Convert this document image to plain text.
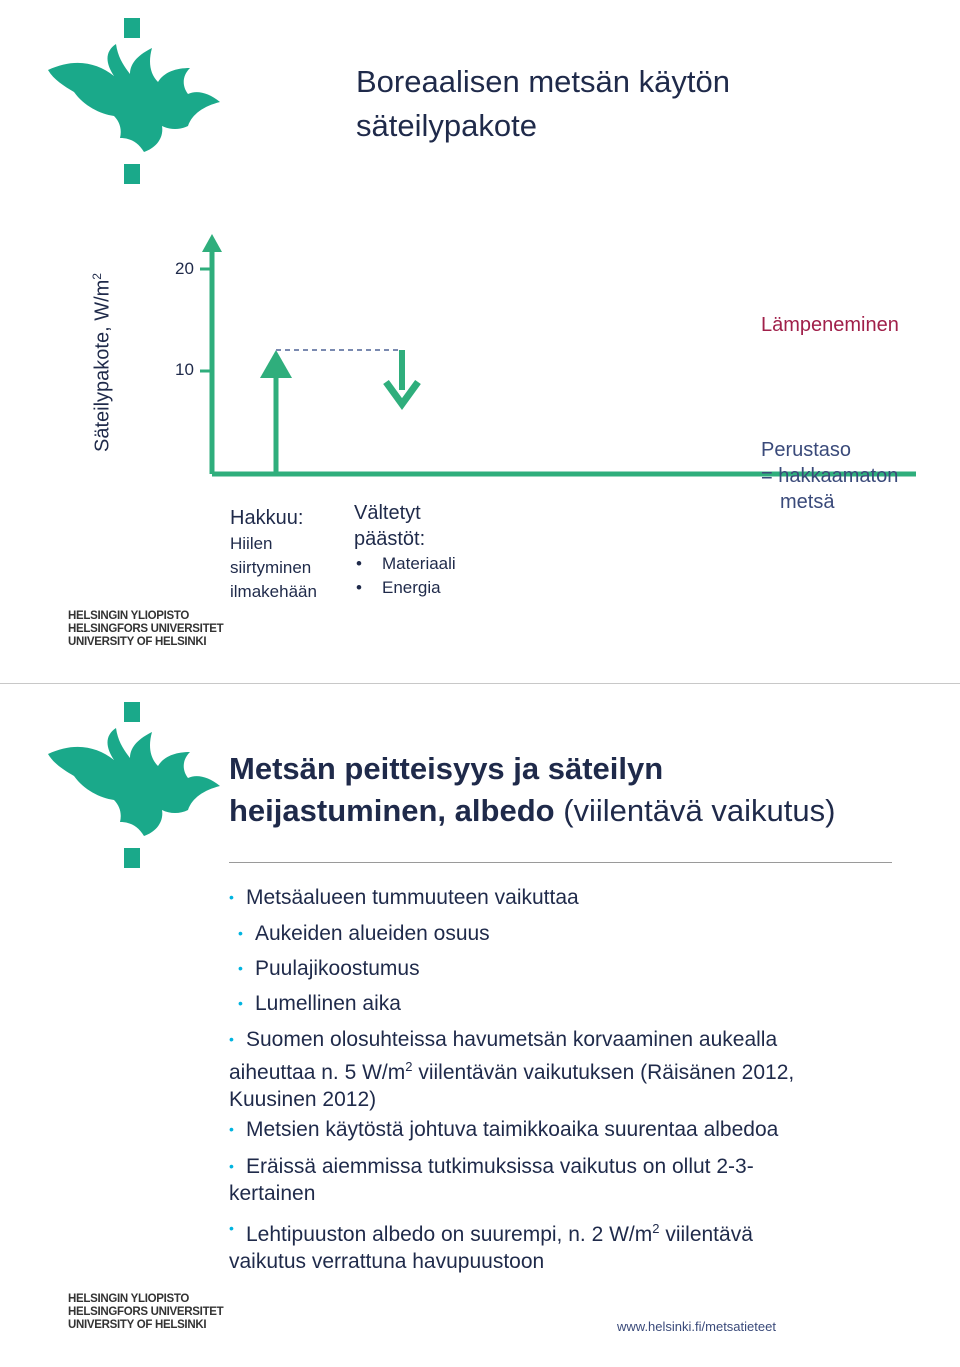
Boreaalisen metsän käytön
säteilypakote
Säteilypakote, $W/m^2$	20
10
Lämpeneminen
Perustaso
= hakkaamaton
metsä
Hakkuu:
Hiilen
siirtyminen
ilmakehään
Vältetyt
päästöt:
• Materiaali
• Energia
HELSINGIN YLIOPISTO
HELSINGFORS UNIVERSITET
UNIVERSITY OF HELSINKI
Metsän peitteisyys ja säteilyn
heijastuminen, albedo (viilentävä vaikutus)
• Metsäalueen tummuuteen vaikuttaa
• Aukeiden alueiden osuus
• Puulajikoostumus
• Lumellinen aika
• Suomen olosuhteissa havumetsän korvaaminen aukealla
aiheuttaa n. 5 $W/m^2$ viilentävän vaikutuksen (Räisänen 2012,
Kuusinen 2012)
• Metsien käytöstä johtuva taimikkoaika suurentaa albedoa
• Eräissä aiemmissa tutkimuksissa vaikutus on ollut 2-3-
kertainen
• Lehtipuuston albedo on suurempi, n. 2 $W/m^2$ viilentävä
vaikutus verrattuna havupuustoon
HELSINGIN YLIOPISTO
HELSINGFORS UNIVERSITET
UNIVERSITY OF HELSINKI	www.helsinki.fi/metsatieteet
